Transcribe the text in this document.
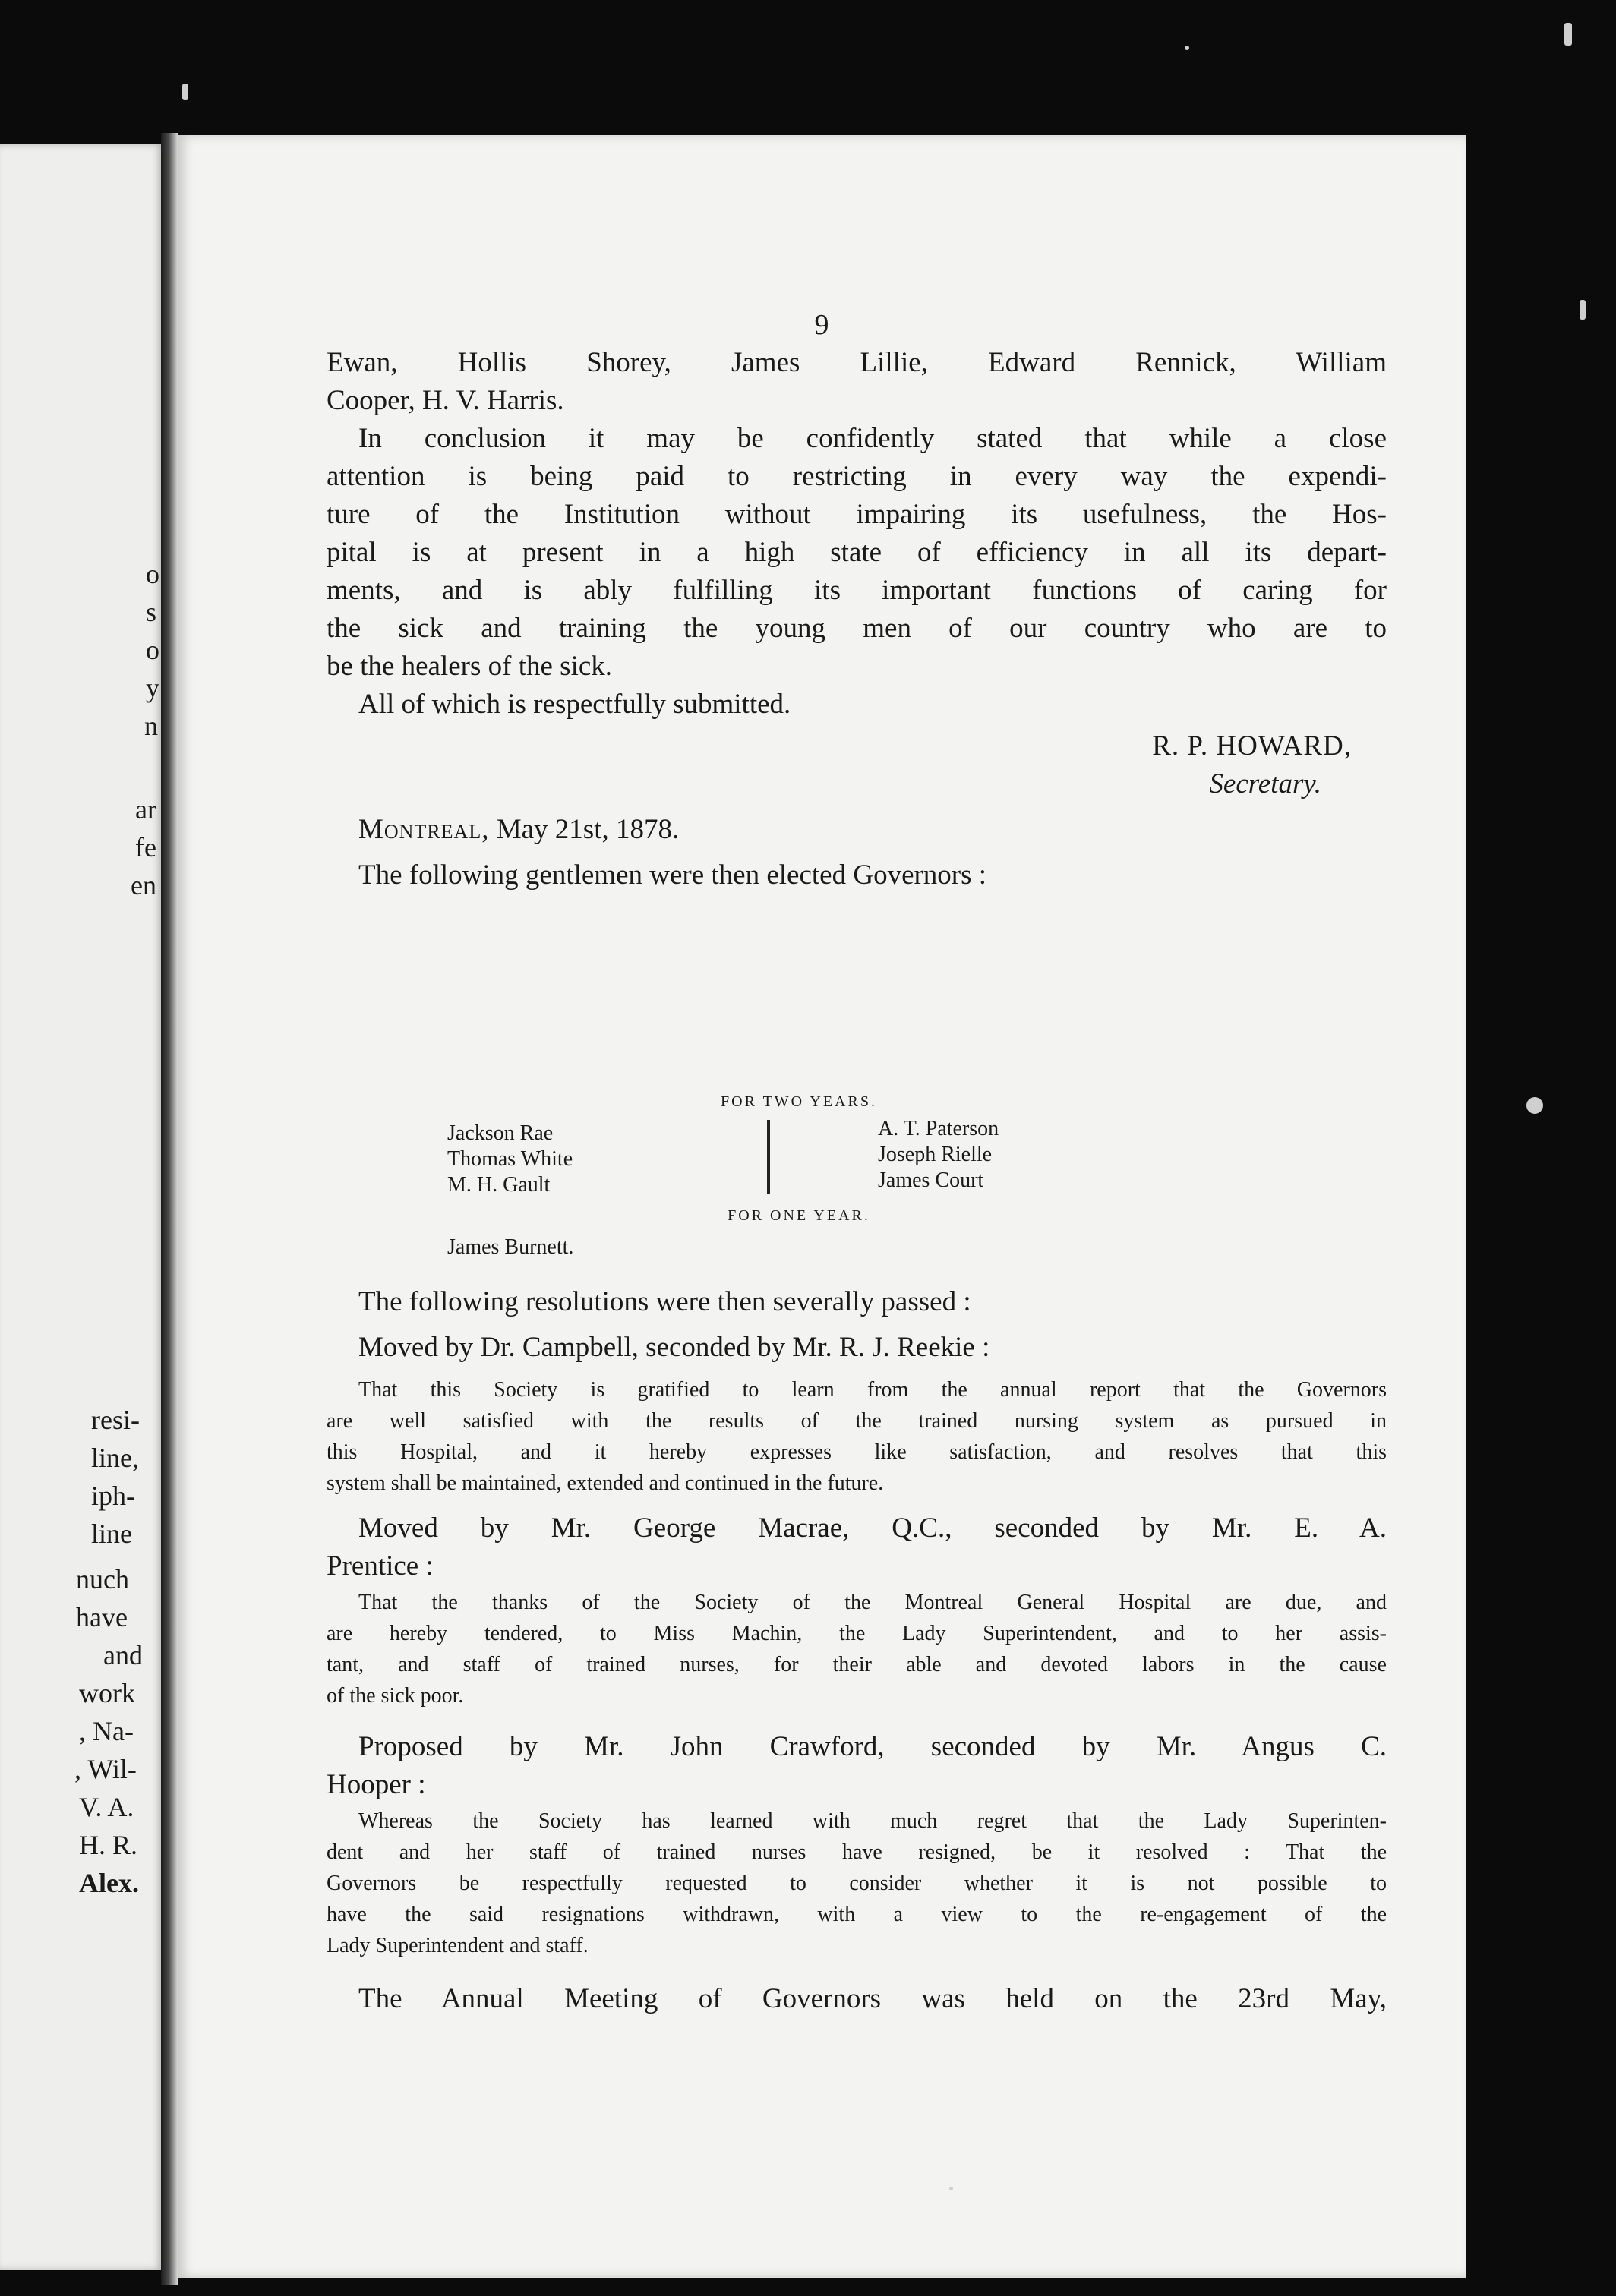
o
s
o
y
n
ar
fe
en
resi-
line,
iph-
line
nuch
have
and
work
, Na-
, Wil-
V. A.
H. R.
Alex.
9

Ewan, Hollis Shorey, James Lillie, Edward Rennick, William

Cooper, H. V. Harris.

In conclusion it may be confidently stated that while a close

attention is being paid to restricting in every way the expendi-

ture of the Institution without impairing its usefulness, the Hos-

pital is at present in a high state of efficiency in all its depart-

ments, and is ably fulfilling its important functions of caring for

the sick and training the young men of our country who are to

be the healers of the sick.

All of which is respectfully submitted.

R. P. HOWARD,

Secretary.

Montreal, May 21st, 1878.

The following gentlemen were then elected Governors :

FOR TWO YEARS.

Jackson Rae
Thomas White
M. H. Gault
A. T. Paterson
Joseph Rielle
James Court

FOR ONE YEAR.

James Burnett.

The following resolutions were then severally passed :

Moved by Dr. Campbell, seconded by Mr. R. J. Reekie :

That this Society is gratified to learn from the annual report that the Governors

are well satisfied with the results of the trained nursing system as pursued in

this Hospital, and it hereby expresses like satisfaction, and resolves that this

system shall be maintained, extended and continued in the future.

Moved by Mr. George Macrae, Q.C., seconded by Mr. E. A.

Prentice :

That the thanks of the Society of the Montreal General Hospital are due, and

are hereby tendered, to Miss Machin, the Lady Superintendent, and to her assis-

tant, and staff of trained nurses, for their able and devoted labors in the cause

of the sick poor.

Proposed by Mr. John Crawford, seconded by Mr. Angus C.

Hooper :

Whereas the Society has learned with much regret that the Lady Superinten-

dent and her staff of trained nurses have resigned, be it resolved : That the

Governors be respectfully requested to consider whether it is not possible to

have the said resignations withdrawn, with a view to the re-engagement of the

Lady Superintendent and staff.

The Annual Meeting of Governors was held on the 23rd May,
